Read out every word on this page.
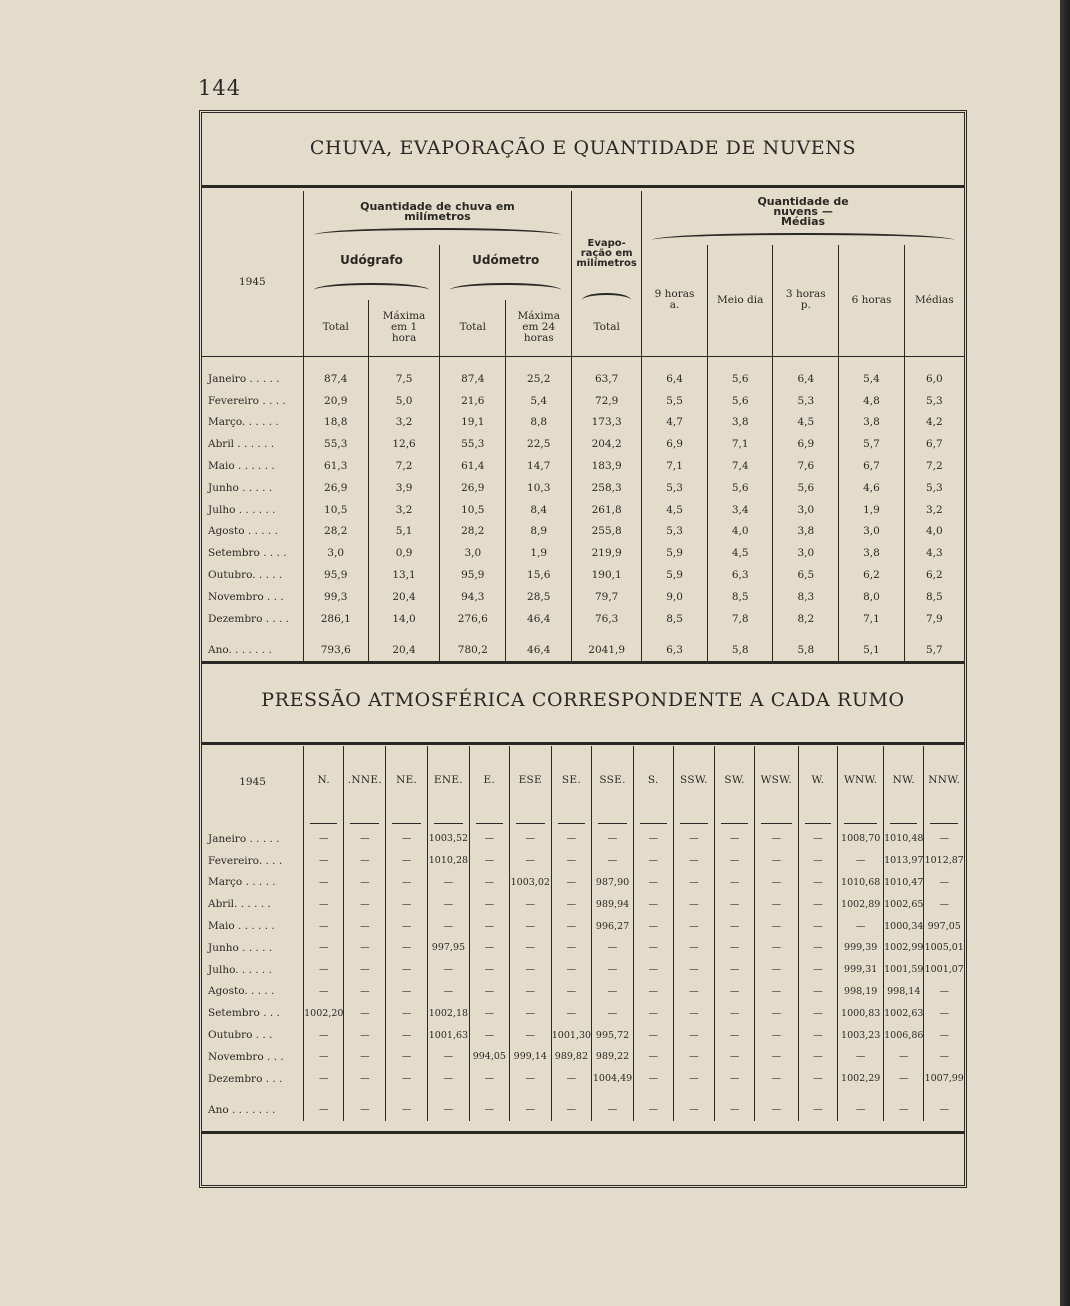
144
CHUVA, EVAPORAÇÃO E QUANTIDADE DE NUVENS
1945	Quantidade de chuva em milímetros				Evapo- ração em milímetros	Quantidade de nuvens — Médias				

	Udógrafo		Udómetro			9 horas a.	Meio dia	3 horas p.	6 horas	Médias
	Total	Máxima em 1 hora	Total	Máxima em 24 horas	Total					

Janeiro . . . . .	87,4	7,5	87,4	25,2	63,7	6,4	5,6	6,4	5,4	6,0
Fevereiro . . . .	20,9	5,0	21,6	5,4	72,9	5,5	5,6	5,3	4,8	5,3
Março. . . . . .	18,8	3,2	19,1	8,8	173,3	4,7	3,8	4,5	3,8	4,2
Abril . . . . . .	55,3	12,6	55,3	22,5	204,2	6,9	7,1	6,9	5,7	6,7
Maio . . . . . .	61,3	7,2	61,4	14,7	183,9	7,1	7,4	7,6	6,7	7,2
Junho . . . . .	26,9	3,9	26,9	10,3	258,3	5,3	5,6	5,6	4,6	5,3
Julho . . . . . .	10,5	3,2	10,5	8,4	261,8	4,5	3,4	3,0	1,9	3,2
Agosto . . . . .	28,2	5,1	28,2	8,9	255,8	5,3	4,0	3,8	3,0	4,0
Setembro . . . .	3,0	0,9	3,0	1,9	219,9	5,9	4,5	3,0	3,8	4,3
Outubro. . . . .	95,9	13,1	95,9	15,6	190,1	5,9	6,3	6,5	6,2	6,2
Novembro . . .	99,3	20,4	94,3	28,5	79,7	9,0	8,5	8,3	8,0	8,5
Dezembro . . . .	286,1	14,0	276,6	46,4	76,3	8,5	7,8	8,2	7,1	7,9

Ano. . . . . . .	793,6	20,4	780,2	46,4	2041,9	6,3	5,8	5,8	5,1	5,7
PRESSÃO ATMOSFÉRICA CORRESPONDENTE A CADA RUMO
1945	N.	.NNE.	NE.	ENE.	E.	ESE	SE.	SSE.	S.	SSW.	SW.	WSW.	W.	WNW.	NW.	NNW.

Janeiro . . . . .	—	—	—	1003,52	—	—	—	—	—	—	—	—	—	1008,70	1010,48	—
Fevereiro. . . .	—	—	—	1010,28	—	—	—	—	—	—	—	—	—	—	1013,97	1012,87
Março . . . . .	—	—	—	—	—	1003,02	—	987,90	—	—	—	—	—	1010,68	1010,47	—
Abril. . . . . .	—	—	—	—	—	—	—	989,94	—	—	—	—	—	1002,89	1002,65	—
Maio . . . . . .	—	—	—	—	—	—	—	996,27	—	—	—	—	—	—	1000,34	997,05
Junho . . . . .	—	—	—	997,95	—	—	—	—	—	—	—	—	—	999,39	1002,99	1005,01
Julho. . . . . .	—	—	—	—	—	—	—	—	—	—	—	—	—	999,31	1001,59	1001,07
Agosto. . . . .	—	—	—	—	—	—	—	—	—	—	—	—	—	998,19	998,14	—
Setembro . . .	1002,20	—	—	1002,18	—	—	—	—	—	—	—	—	—	1000,83	1002,63	—
Outubro . . .	—	—	—	1001,63	—	—	1001,30	995,72	—	—	—	—	—	1003,23	1006,86	—
Novembro . . .	—	—	—	—	994,05	999,14	989,82	989,22	—	—	—	—	—	—	—	—
Dezembro . . .	—	—	—	—	—	—	—	1004,49	—	—	—	—	—	1002,29	—	1007,99

Ano . . . . . . .	—	—	—	—	—	—	—	—	—	—	—	—	—	—	—	—
